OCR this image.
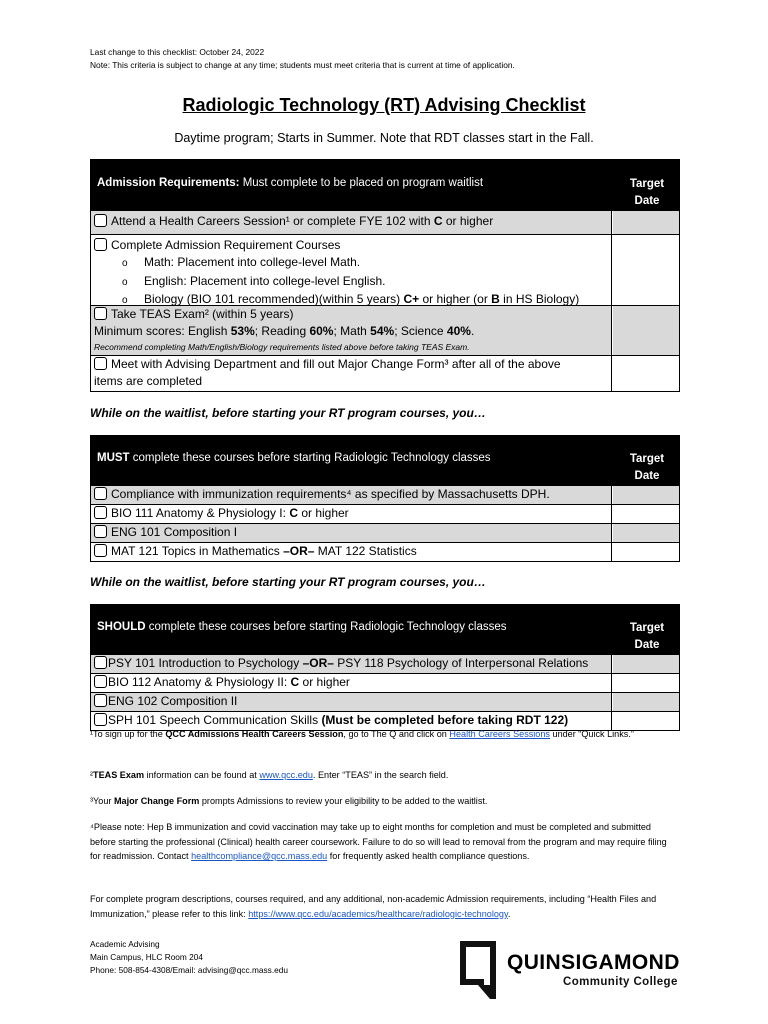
Last change to this checklist: October 24, 2022
Note: This criteria is subject to change at any time; students must meet criteria that is current at time of application.
Radiologic Technology (RT) Advising Checklist
Daytime program; Starts in Summer. Note that RDT classes start in the Fall.
Admission Requirements: Must complete to be placed on program waitlist	Target
Date
Attend a Health Careers Session¹ or complete FYE 102 with C or higher
Complete Admission Requirement Courses
o Math: Placement into college-level Math.
o English: Placement into college-level English.
o Biology (BIO 101 recommended)(within 5 years) C+ or higher (or B in HS Biology)
Take TEAS Exam² (within 5 years)
Minimum scores: English 53%; Reading 60%; Math 54%; Science 40%.
Recommend completing Math/English/Biology requirements listed above before taking TEAS Exam.
Meet with Advising Department and fill out Major Change Form³ after all of the above
items are completed
While on the waitlist, before starting your RT program courses, you…
MUST complete these courses before starting Radiologic Technology classes	Target
Date
Compliance with immunization requirements⁴ as specified by Massachusetts DPH.
BIO 111 Anatomy & Physiology I: C or higher
ENG 101 Composition I
MAT 121 Topics in Mathematics –OR– MAT 122 Statistics
While on the waitlist, before starting your RT program courses, you…
SHOULD complete these courses before starting Radiologic Technology classes	Target
Date
PSY 101 Introduction to Psychology –OR– PSY 118 Psychology of Interpersonal Relations
BIO 112 Anatomy & Physiology II: C or higher
ENG 102 Composition II
SPH 101 Speech Communication Skills (Must be completed before taking RDT 122)
¹To sign up for the QCC Admissions Health Careers Session, go to The Q and click on Health Careers Sessions under “Quick Links.”
²TEAS Exam information can be found at www.qcc.edu. Enter “TEAS” in the search field.
³Your Major Change Form prompts Admissions to review your eligibility to be added to the waitlist.
⁴Please note: Hep B immunization and covid vaccination may take up to eight months for completion and must be completed and submitted before starting the professional (Clinical) health career coursework. Failure to do so will lead to removal from the program and may require filing for readmission. Contact healthcompliance@qcc.mass.edu for frequently asked health compliance questions.
For complete program descriptions, courses required, and any additional, non-academic Admission requirements, including “Health Files and Immunization,” please refer to this link: https://www.qcc.edu/academics/healthcare/radiologic-technology.
Academic Advising
Main Campus, HLC Room 204
Phone: 508-854-4308/Email: advising@qcc.mass.edu	QUINSIGAMOND
Community College
